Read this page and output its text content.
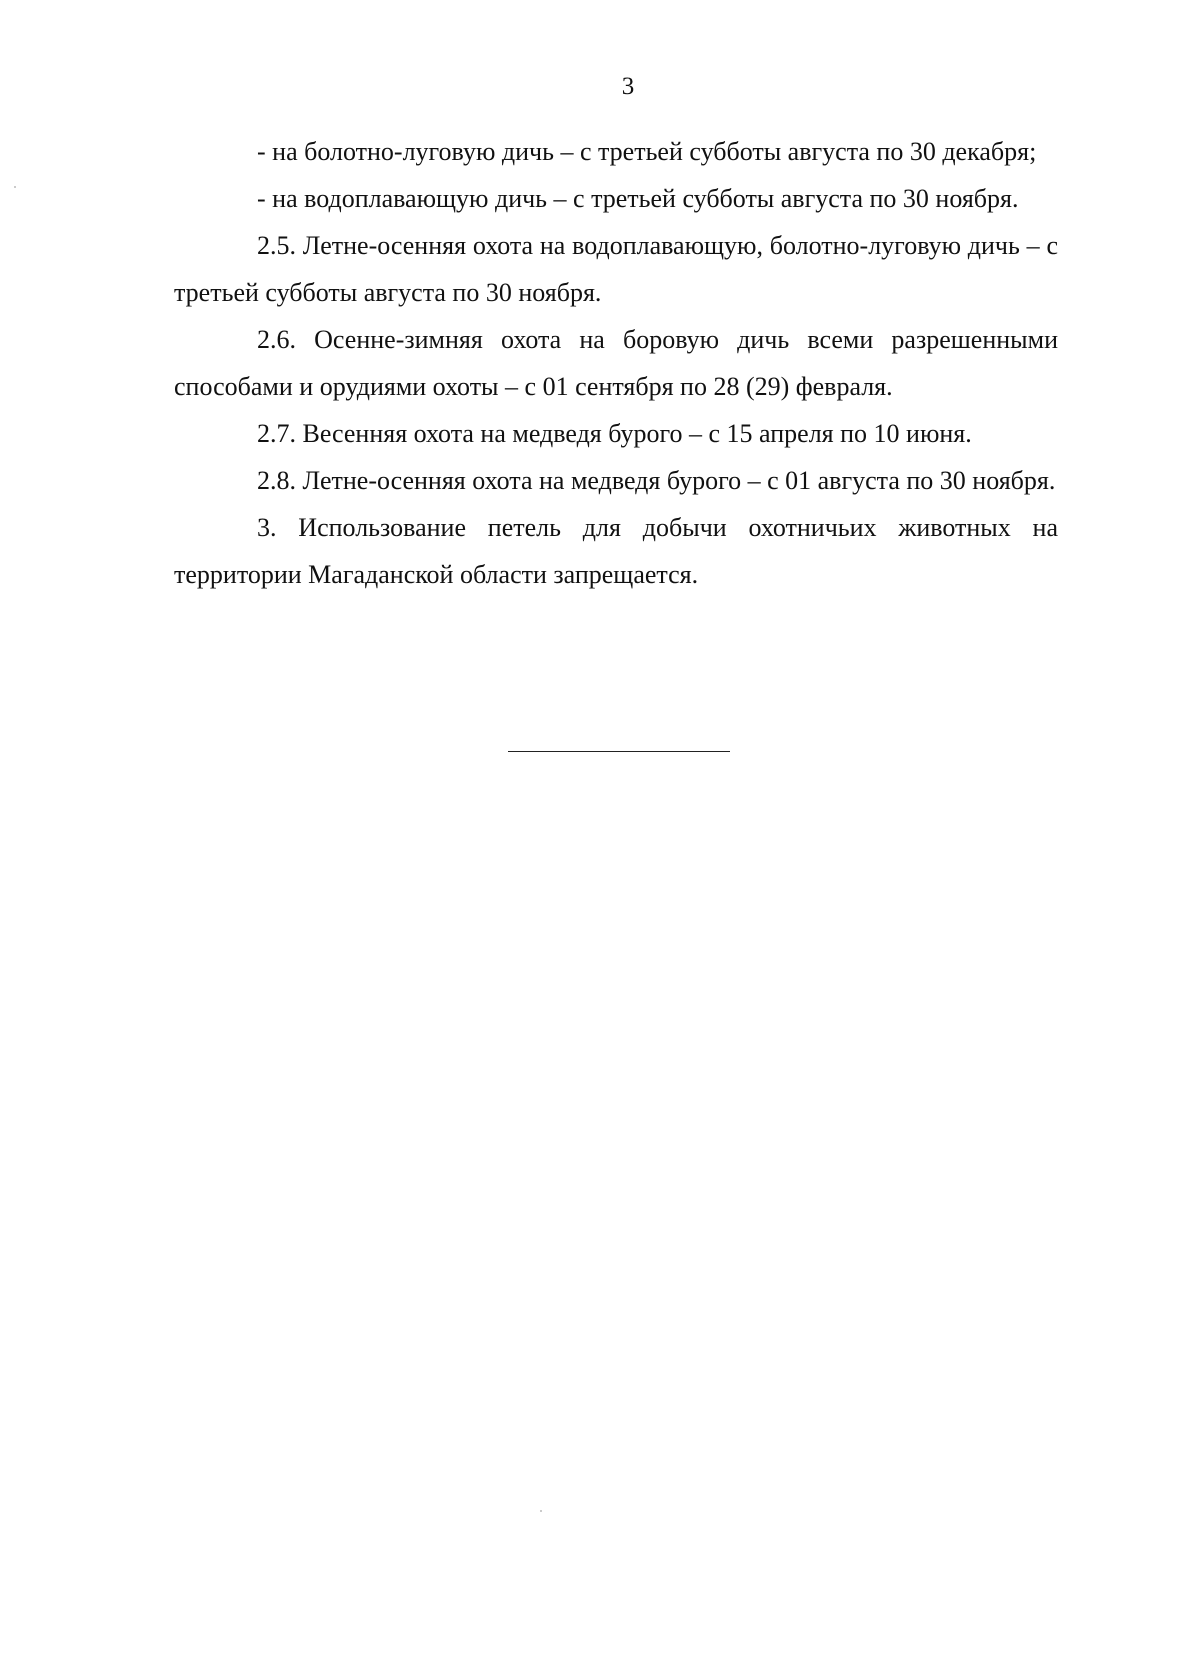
3

- на болотно-луговую дичь – с третьей субботы августа по 30 декабря;

- на водоплавающую дичь – с третьей субботы августа по 30 ноября.

2.5. Летне-осенняя охота на водоплавающую, болотно-луговую дичь – с третьей субботы августа по 30 ноября.

2.6. Осенне-зимняя охота на боровую дичь всеми разрешенными способами и орудиями охоты – с 01 сентября по 28 (29) февраля.

2.7. Весенняя охота на медведя бурого – с 15 апреля по 10 июня.

2.8. Летне-осенняя охота на медведя бурого – с 01 августа по 30 ноября.

3. Использование петель для добычи охотничьих животных на территории Магаданской области запрещается.
